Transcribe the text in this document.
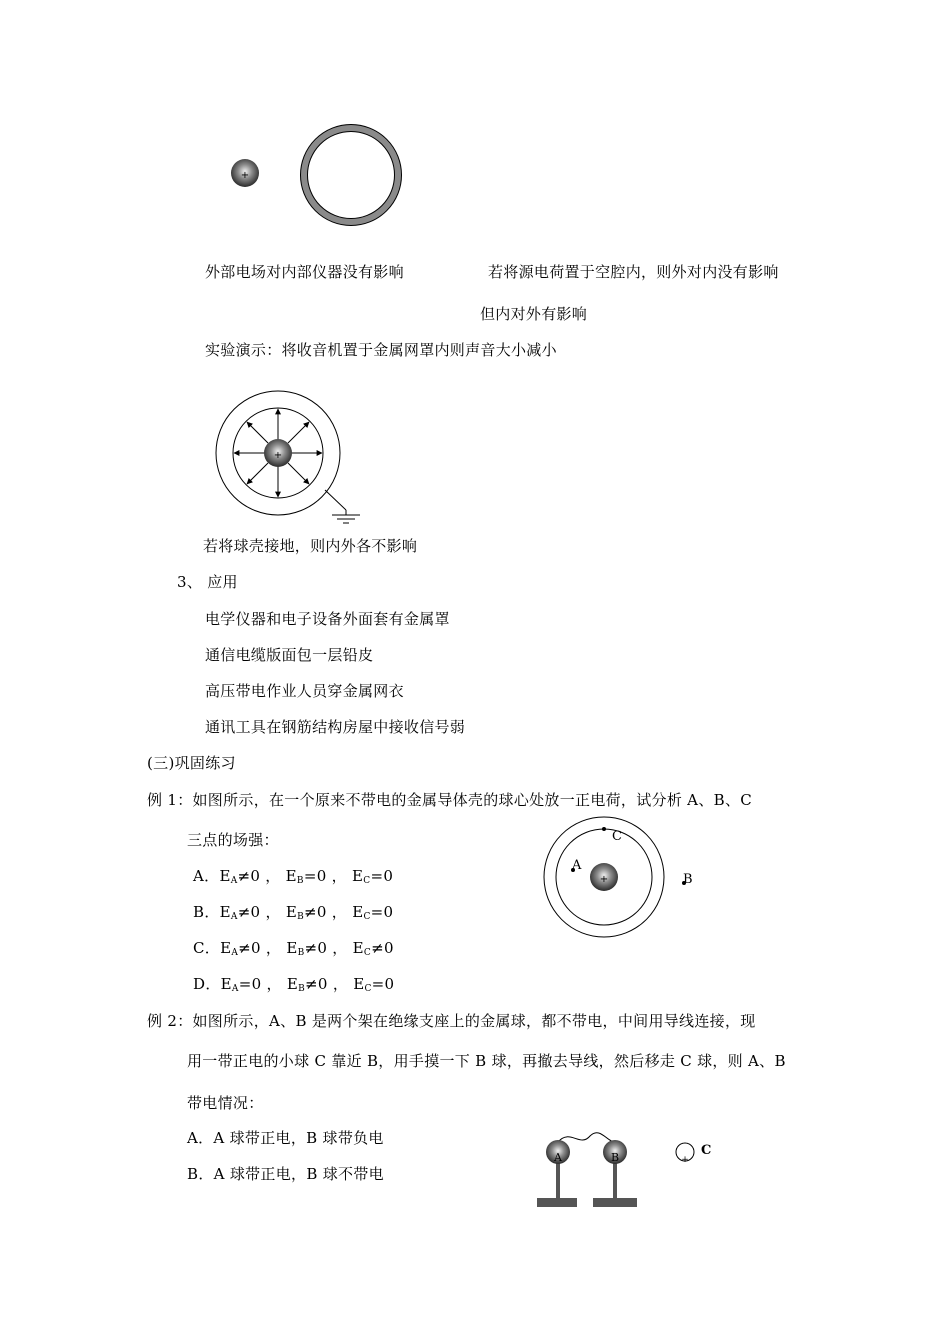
+
外部电场对内部仪器没有影响	若将源电荷置于空腔内，则外对内没有影响
但内对外有影响
实验演示：将收音机置于金属网罩内则声音大小减小
+
若将球壳接地，则内外各不影响
3、 应用
电学仪器和电子设备外面套有金属罩
通信电缆版面包一层铅皮
高压带电作业人员穿金属网衣
通讯工具在钢筋结构房屋中接收信号弱
(三)巩固练习
例 1：如图所示，在一个原来不带电的金属导体壳的球心处放一正电荷，试分析 A、B、C
三点的场强：
A．$E_A\ne 0$ ， $E_B=0$ ， $E_C=0$
B．$E_A\ne 0$ ， $E_B\ne 0$ ， $E_C=0$
C．$E_A\ne 0$ ， $E_B\ne 0$ ， $E_C\ne 0$
D．$E_A=0$ ， $E_B\ne 0$ ， $E_C=0$
+
A
C
B
例 2：如图所示，A、B 是两个架在绝缘支座上的金属球，都不带电，中间用导线连接，现
用一带正电的小球 C 靠近 B，用手摸一下 B 球，再撤去导线，然后移走 C 球，则 A、B
带电情况：
A．A 球带正电，B 球带负电
B．A 球带正电，B 球不带电
A	B	+
C
